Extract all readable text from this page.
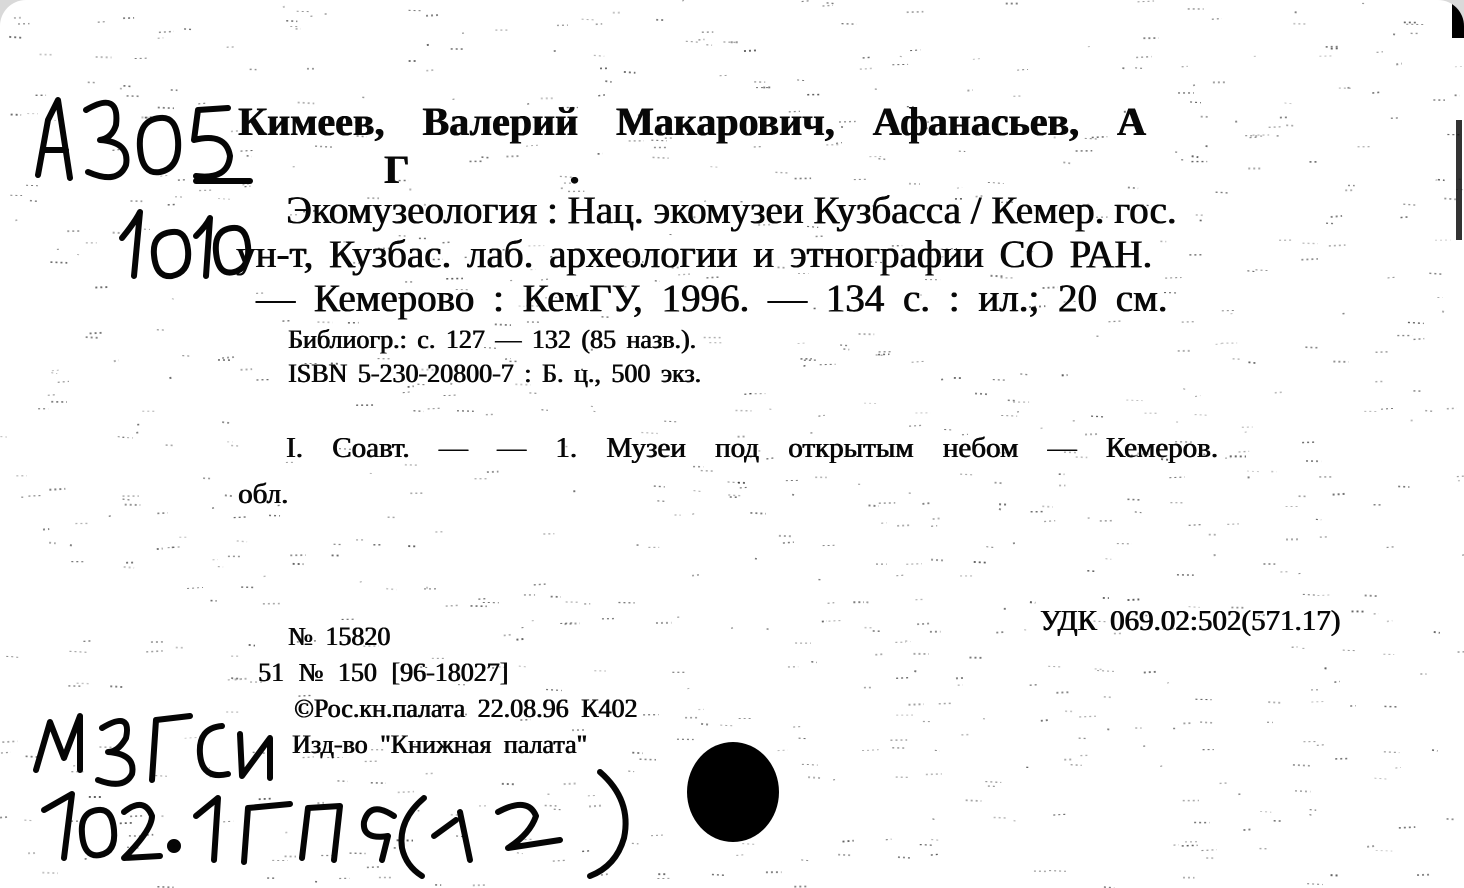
Кимеев, Валерий Макарович, Афанасьев, А

Г .

Экомузеология : Нац. экомузеи Кузбасса / Кемер. гос.

ун-т, Кузбас. лаб. археологии и этнографии СО РАН.

— Кемерово : КемГУ, 1996. — 134 с. : ил.; 20 см.

Библиогр.: с. 127 — 132 (85 назв.).

ISBN 5-230-20800-7 : Б. ц., 500 экз.

I. Соавт. — — 1. Музеи под открытым небом — Кемеров.

обл.

№ 15820	УДК 069.02:502(571.17)

51 № 150 [96-18027]

©Рос.кн.палата 22.08.96 К402

Изд-во "Книжная палата"
